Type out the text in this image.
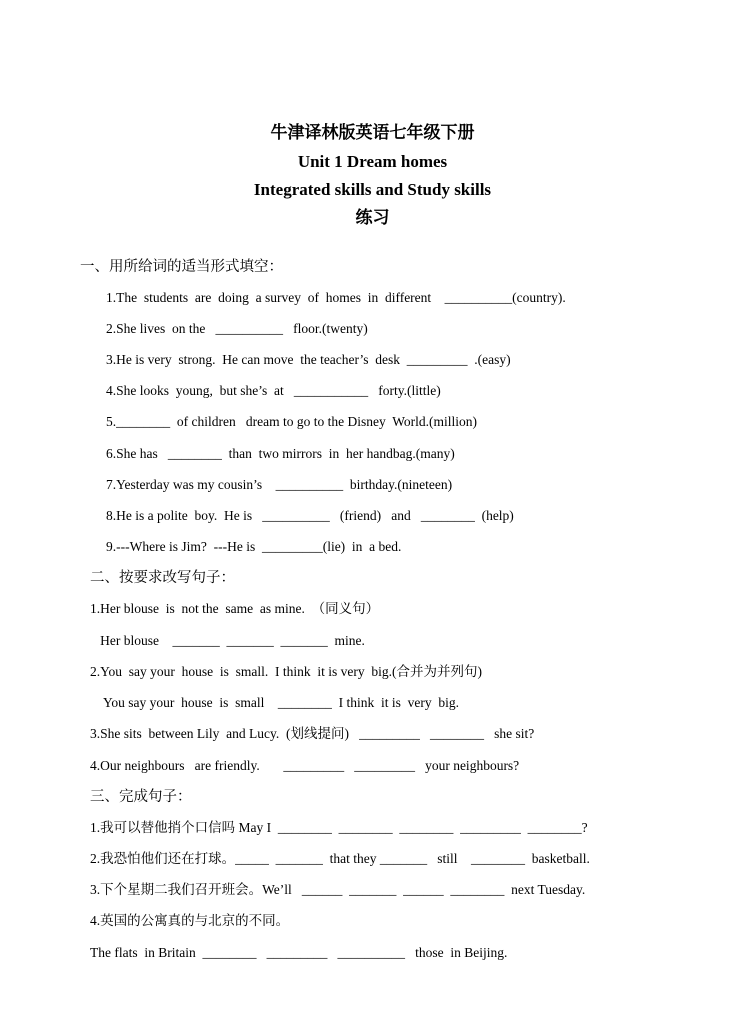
牛津译林版英语七年级下册
Unit 1 Dream homes
Integrated skills and Study skills
练习
一、用所给词的适当形式填空：
1.The  students  are  doing  a survey  of  homes  in  different    __________(country).
2.She lives  on the   __________   floor.(twenty)
3.He is very  strong.  He can move  the teacher’s  desk  _________  .(easy)
4.She looks  young,  but she’s  at   ___________   forty.(little)
5.________  of children   dream to go to the Disney  World.(million)
6.She has   ________  than  two mirrors  in  her handbag.(many)
7.Yesterday was my cousin’s    __________  birthday.(nineteen)
8.He is a polite  boy.  He is   __________   (friend)   and   ________  (help)
9.---Where is Jim?  ---He is  _________(lie)  in  a bed.
二、按要求改写句子：
1.Her blouse  is  not the  same  as mine.  （同义句）
Her blouse    _______  _______  _______  mine.
2.You  say your  house  is  small.  I think  it is very  big.(合并为并列句)
You say your  house  is  small    ________  I think  it is  very  big.
3.She sits  between Lily  and Lucy.  (划线提问)   _________   ________   she sit?
4.Our neighbours   are friendly.       _________   _________   your neighbours?
三、完成句子：
1.我可以替他捎个口信吗 May I  ________  ________  ________  _________  ________?
2.我恐怕他们还在打球。_____  _______  that they _______   still    ________  basketball.
3.下个星期二我们召开班会。We’ll   ______  _______  ______  ________  next Tuesday.
4.英国的公寓真的与北京的不同。
The flats  in Britain  ________   _________   __________   those  in Beijing.
